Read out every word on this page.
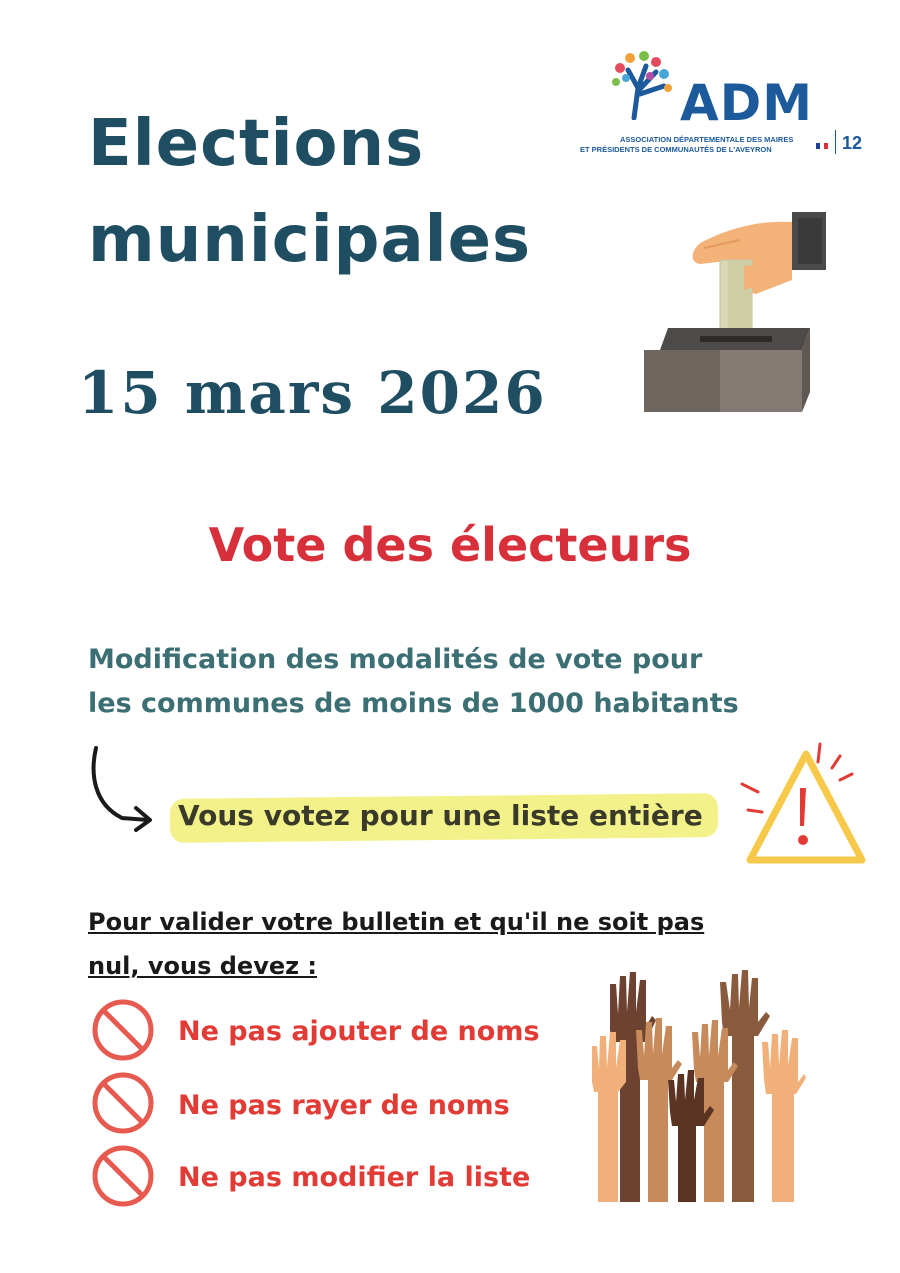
Elections
municipales
15 mars 2026
ADM
ASSOCIATION DÉPARTEMENTALE DES MAIRES
ET PRÉSIDENTS DE COMMUNAUTÉS DE L'AVEYRON	12
Vote des électeurs
Modification des modalités de vote pour
les communes de moins de 1000 habitants
Vous votez pour une liste entière
Pour valider votre bulletin et qu'il ne soit pas nul, vous devez :
Ne pas ajouter de noms
Ne pas rayer de noms
Ne pas modifier la liste
